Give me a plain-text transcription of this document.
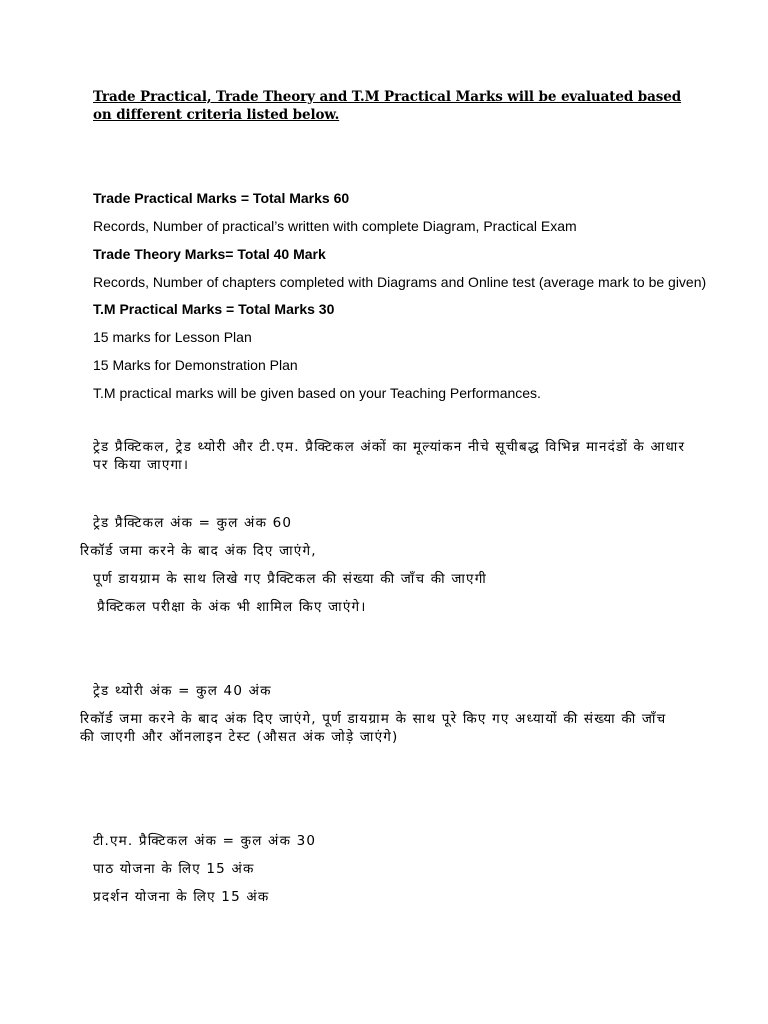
Trade Practical, Trade Theory and T.M Practical Marks will be evaluated based on different criteria listed below.
Trade Practical Marks = Total Marks 60
Records, Number of practical’s written with complete Diagram, Practical Exam
Trade Theory Marks= Total 40 Mark
Records, Number of chapters completed with Diagrams and Online test (average mark to be given)
T.M Practical Marks = Total Marks 30
15 marks for Lesson Plan
15 Marks for Demonstration Plan
T.M practical marks will be given based on your Teaching Performances.
ट्रेड प्रैक्टिकल, ट्रेड थ्योरी और टी.एम. प्रैक्टिकल अंकों का मूल्यांकन नीचे सूचीबद्ध विभिन्न मानदंडों के आधार पर किया जाएगा।
ट्रेड प्रैक्टिकल अंक = कुल अंक 60
रिकॉर्ड जमा करने के बाद अंक दिए जाएंगे,
पूर्ण डायग्राम के साथ लिखे गए प्रैक्टिकल की संख्या की जाँच की जाएगी
प्रैक्टिकल परीक्षा के अंक भी शामिल किए जाएंगे।
ट्रेड थ्योरी अंक = कुल 40 अंक
रिकॉर्ड जमा करने के बाद अंक दिए जाएंगे, पूर्ण डायग्राम के साथ पूरे किए गए अध्यायों की संख्या की जाँच की जाएगी और ऑनलाइन टेस्ट (औसत अंक जोड़े जाएंगे)
टी.एम. प्रैक्टिकल अंक = कुल अंक 30
पाठ योजना के लिए 15 अंक
प्रदर्शन योजना के लिए 15 अंक
